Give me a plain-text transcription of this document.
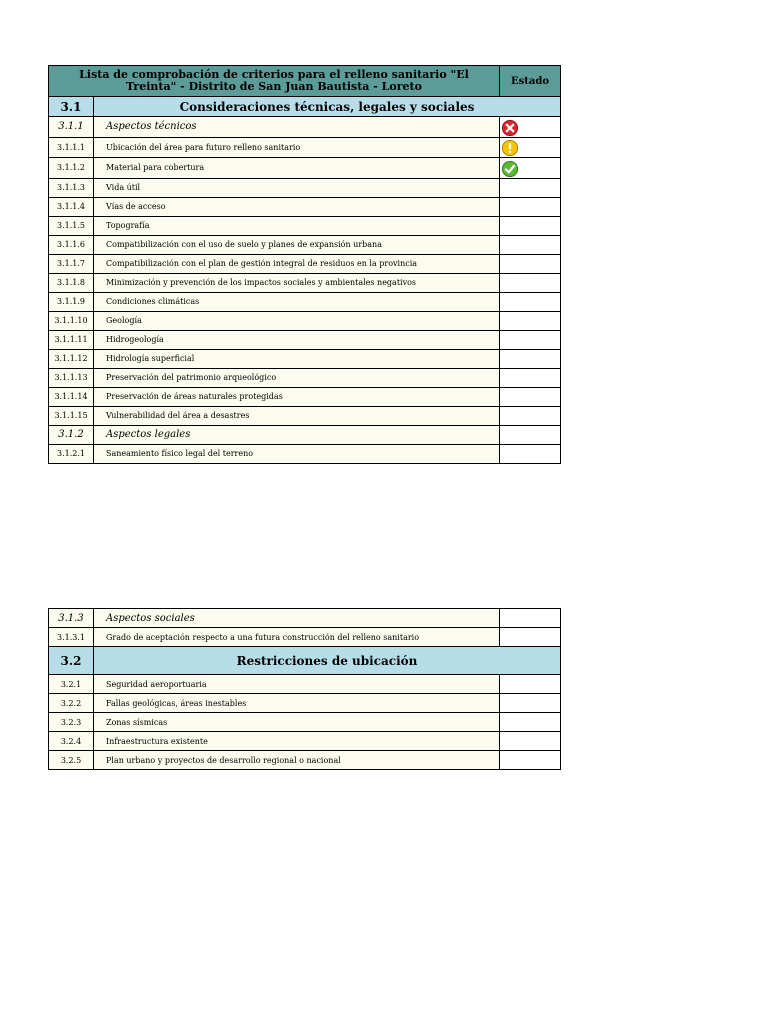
Lista de comprobación de criterios para el relleno sanitario "El Treinta" - Distrito de San Juan Bautista - Loreto		Estado
3.1	Consideraciones técnicas, legales y sociales	
3.1.1	Aspectos técnicos	
3.1.1.1	Ubicación del área para futuro relleno sanitario	
3.1.1.2	Material para cobertura	
3.1.1.3	Vida útil	
3.1.1.4	Vías de acceso	
3.1.1.5	Topografía	
3.1.1.6	Compatibilización con el uso de suelo y planes de expansión urbana	
3.1.1.7	Compatibilización con el plan de gestión integral de residuos en la provincia	
3.1.1.8	Minimización y prevención de los impactos sociales y ambientales negativos	
3.1.1.9	Condiciones climáticas	
3.1.1.10	Geología	
3.1.1.11	Hidrogeología	
3.1.1.12	Hidrología superficial	
3.1.1.13	Preservación del patrimonio arqueológico	
3.1.1.14	Preservación de áreas naturales protegidas	
3.1.1.15	Vulnerabilidad del área a desastres	
3.1.2	Aspectos legales	
3.1.2.1	Saneamiento físico legal del terreno	
3.1.3	Aspectos sociales	
3.1.3.1	Grado de aceptación respecto a una futura construcción del relleno sanitario	
3.2	Restricciones de ubicación	
3.2.1	Seguridad aeroportuaria	
3.2.2	Fallas geológicas, áreas inestables	
3.2.3	Zonas sísmicas	
3.2.4	Infraestructura existente	
3.2.5	Plan urbano y proyectos de desarrollo regional o nacional	
